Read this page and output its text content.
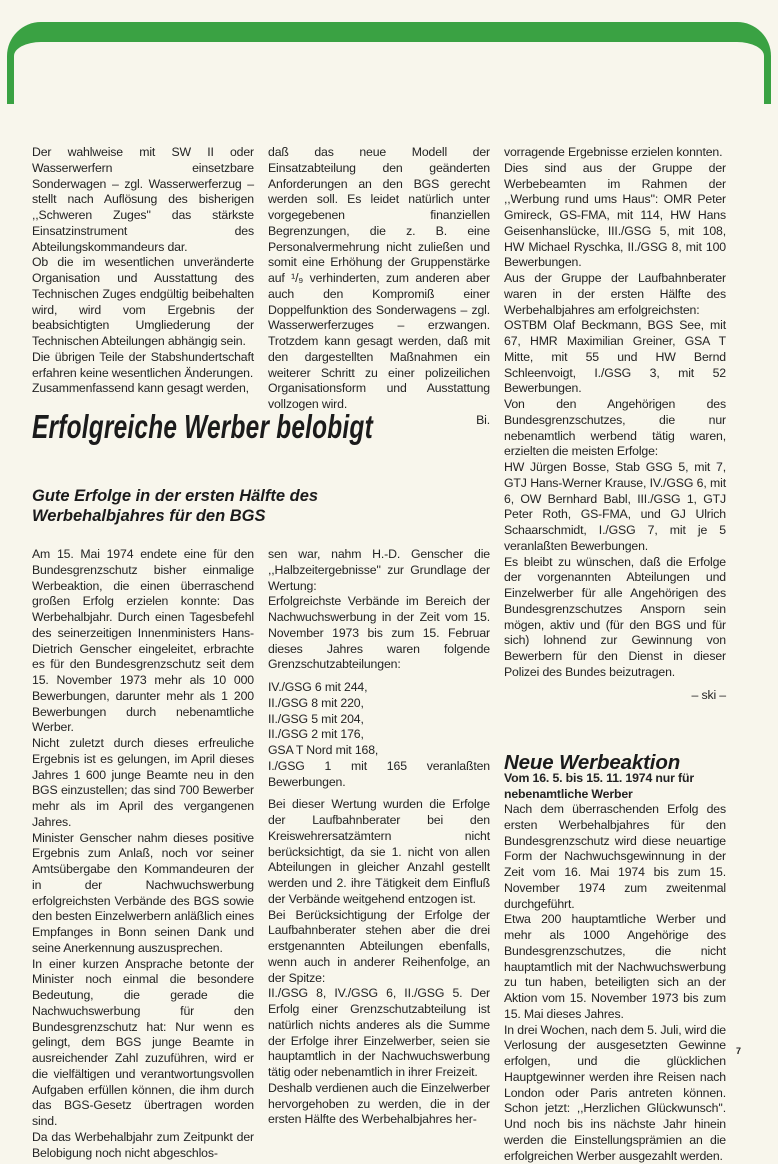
Der wahlweise mit SW II oder Wasserwerfern einsetzbare Sonderwagen – zgl. Wasserwerferzug – stellt nach Auflösung des bisherigen ,,Schweren Zuges'' das stärkste Einsatzinstrument des Abteilungskommandeurs dar.

Ob die im wesentlichen unveränderte Organisation und Ausstattung des Technischen Zuges endgültig beibehalten wird, wird vom Ergebnis der beabsichtigten Umgliederung der Technischen Abteilungen abhängig sein.

Die übrigen Teile der Stabshundertschaft erfahren keine wesentlichen Änderungen.

Zusammenfassend kann gesagt werden,

daß das neue Modell der Einsatzabteilung den geänderten Anforderungen an den BGS gerecht werden soll. Es leidet natürlich unter vorgegebenen finanziellen Begrenzungen, die z. B. eine Personalvermehrung nicht zuließen und somit eine Erhöhung der Gruppenstärke auf ¹/₉ verhinderten, zum anderen aber auch den Kompromiß einer Doppelfunktion des Sonderwagens – zgl. Wasserwerferzuges – erzwangen. Trotzdem kann gesagt werden, daß mit den dargestellten Maßnahmen ein weiterer Schritt zu einer polizeilichen Organisationsform und Ausstattung vollzogen wird.

Bi.

Erfolgreiche Werber belobigt
Gute Erfolge in der ersten Hälfte des Werbehalbjahres für den BGS

Am 15. Mai 1974 endete eine für den Bundesgrenzschutz bisher einmalige Werbeaktion, die einen überraschend großen Erfolg erzielen konnte: Das Werbehalbjahr. Durch einen Tagesbefehl des seinerzeitigen Innenministers Hans-Dietrich Genscher eingeleitet, erbrachte es für den Bundesgrenzschutz seit dem 15. November 1973 mehr als 10 000 Bewerbungen, darunter mehr als 1 200 Bewerbungen durch nebenamtliche Werber.

Nicht zuletzt durch dieses erfreuliche Ergebnis ist es gelungen, im April dieses Jahres 1 600 junge Beamte neu in den BGS einzustellen; das sind 700 Bewerber mehr als im April des vergangenen Jahres.

Minister Genscher nahm dieses positive Ergebnis zum Anlaß, noch vor seiner Amtsübergabe den Kommandeuren der in der Nachwuchswerbung erfolgreichsten Verbände des BGS sowie den besten Einzelwerbern anläßlich eines Empfanges in Bonn seinen Dank und seine Anerkennung auszusprechen.

In einer kurzen Ansprache betonte der Minister noch einmal die besondere Bedeutung, die gerade die Nachwuchswerbung für den Bundesgrenzschutz hat: Nur wenn es gelingt, dem BGS junge Beamte in ausreichender Zahl zuzuführen, wird er die vielfältigen und verantwortungsvollen Aufgaben erfüllen können, die ihm durch das BGS-Gesetz übertragen worden sind.

Da das Werbehalbjahr zum Zeitpunkt der Belobigung noch nicht abgeschlos-

sen war, nahm H.-D. Genscher die ,,Halbzeitergebnisse'' zur Grundlage der Wertung:

Erfolgreichste Verbände im Bereich der Nachwuchswerbung in der Zeit vom 15. November 1973 bis zum 15. Februar dieses Jahres waren folgende Grenzschutzabteilungen:

IV./GSG 6 mit 244,

II./GSG 8 mit 220,

II./GSG 5 mit 204,

II./GSG 2 mit 176,

GSA T Nord mit 168,

I./GSG 1 mit 165 veranlaßten Bewerbungen.

Bei dieser Wertung wurden die Erfolge der Laufbahnberater bei den Kreiswehrersatzämtern nicht berücksichtigt, da sie 1. nicht von allen Abteilungen in gleicher Anzahl gestellt werden und 2. ihre Tätigkeit dem Einfluß der Verbände weitgehend entzogen ist.

Bei Berücksichtigung der Erfolge der Laufbahnberater stehen aber die drei erstgenannten Abteilungen ebenfalls, wenn auch in anderer Reihenfolge, an der Spitze:

II./GSG 8, IV./GSG 6, II./GSG 5. Der Erfolg einer Grenzschutzabteilung ist natürlich nichts anderes als die Summe der Erfolge ihrer Einzelwerber, seien sie hauptamtlich in der Nachwuchswerbung tätig oder nebenamtlich in ihrer Freizeit.

Deshalb verdienen auch die Einzelwerber hervorgehoben zu werden, die in der ersten Hälfte des Werbehalbjahres her-

vorragende Ergebnisse erzielen konnten.

Dies sind aus der Gruppe der Werbebeamten im Rahmen der ,,Werbung rund ums Haus'': OMR Peter Gmireck, GS-FMA, mit 114, HW Hans Geisenhanslücke, III./GSG 5, mit 108, HW Michael Ryschka, II./GSG 8, mit 100 Bewerbungen.

Aus der Gruppe der Laufbahnberater waren in der ersten Hälfte des Werbehalbjahres am erfolgreichsten:

OSTBM Olaf Beckmann, BGS See, mit 67, HMR Maximilian Greiner, GSA T Mitte, mit 55 und HW Bernd Schleenvoigt, I./GSG 3, mit 52 Bewerbungen.

Von den Angehörigen des Bundesgrenzschutzes, die nur nebenamtlich werbend tätig waren, erzielten die meisten Erfolge:

HW Jürgen Bosse, Stab GSG 5, mit 7, GTJ Hans-Werner Krause, IV./GSG 6, mit 6, OW Bernhard Babl, III./GSG 1, GTJ Peter Roth, GS-FMA, und GJ Ulrich Schaarschmidt, I./GSG 7, mit je 5 veranlaßten Bewerbungen.

Es bleibt zu wünschen, daß die Erfolge der vorgenannten Abteilungen und Einzelwerber für alle Angehörigen des Bundesgrenzschutzes Ansporn sein mögen, aktiv und (für den BGS und für sich) lohnend zur Gewinnung von Bewerbern für den Dienst in dieser Polizei des Bundes beizutragen.

– ski –

Neue Werbeaktion

Vom 16. 5. bis 15. 11. 1974 nur für nebenamtliche Werber

Nach dem überraschenden Erfolg des ersten Werbehalbjahres für den Bundesgrenzschutz wird diese neuartige Form der Nachwuchsgewinnung in der Zeit vom 16. Mai 1974 bis zum 15. November 1974 zum zweitenmal durchgeführt.

Etwa 200 hauptamtliche Werber und mehr als 1000 Angehörige des Bundesgrenzschutzes, die nicht hauptamtlich mit der Nachwuchswerbung zu tun haben, beteiligten sich an der Aktion vom 15. November 1973 bis zum 15. Mai dieses Jahres.

In drei Wochen, nach dem 5. Juli, wird die Verlosung der ausgesetzten Gewinne erfolgen, und die glücklichen Hauptgewinner werden ihre Reisen nach London oder Paris antreten können. Schon jetzt: ,,Herzlichen Glückwunsch''. Und noch bis ins nächste Jahr hinein werden die Einstellungsprämien an die erfolgreichen Werber ausgezahlt werden.

7
